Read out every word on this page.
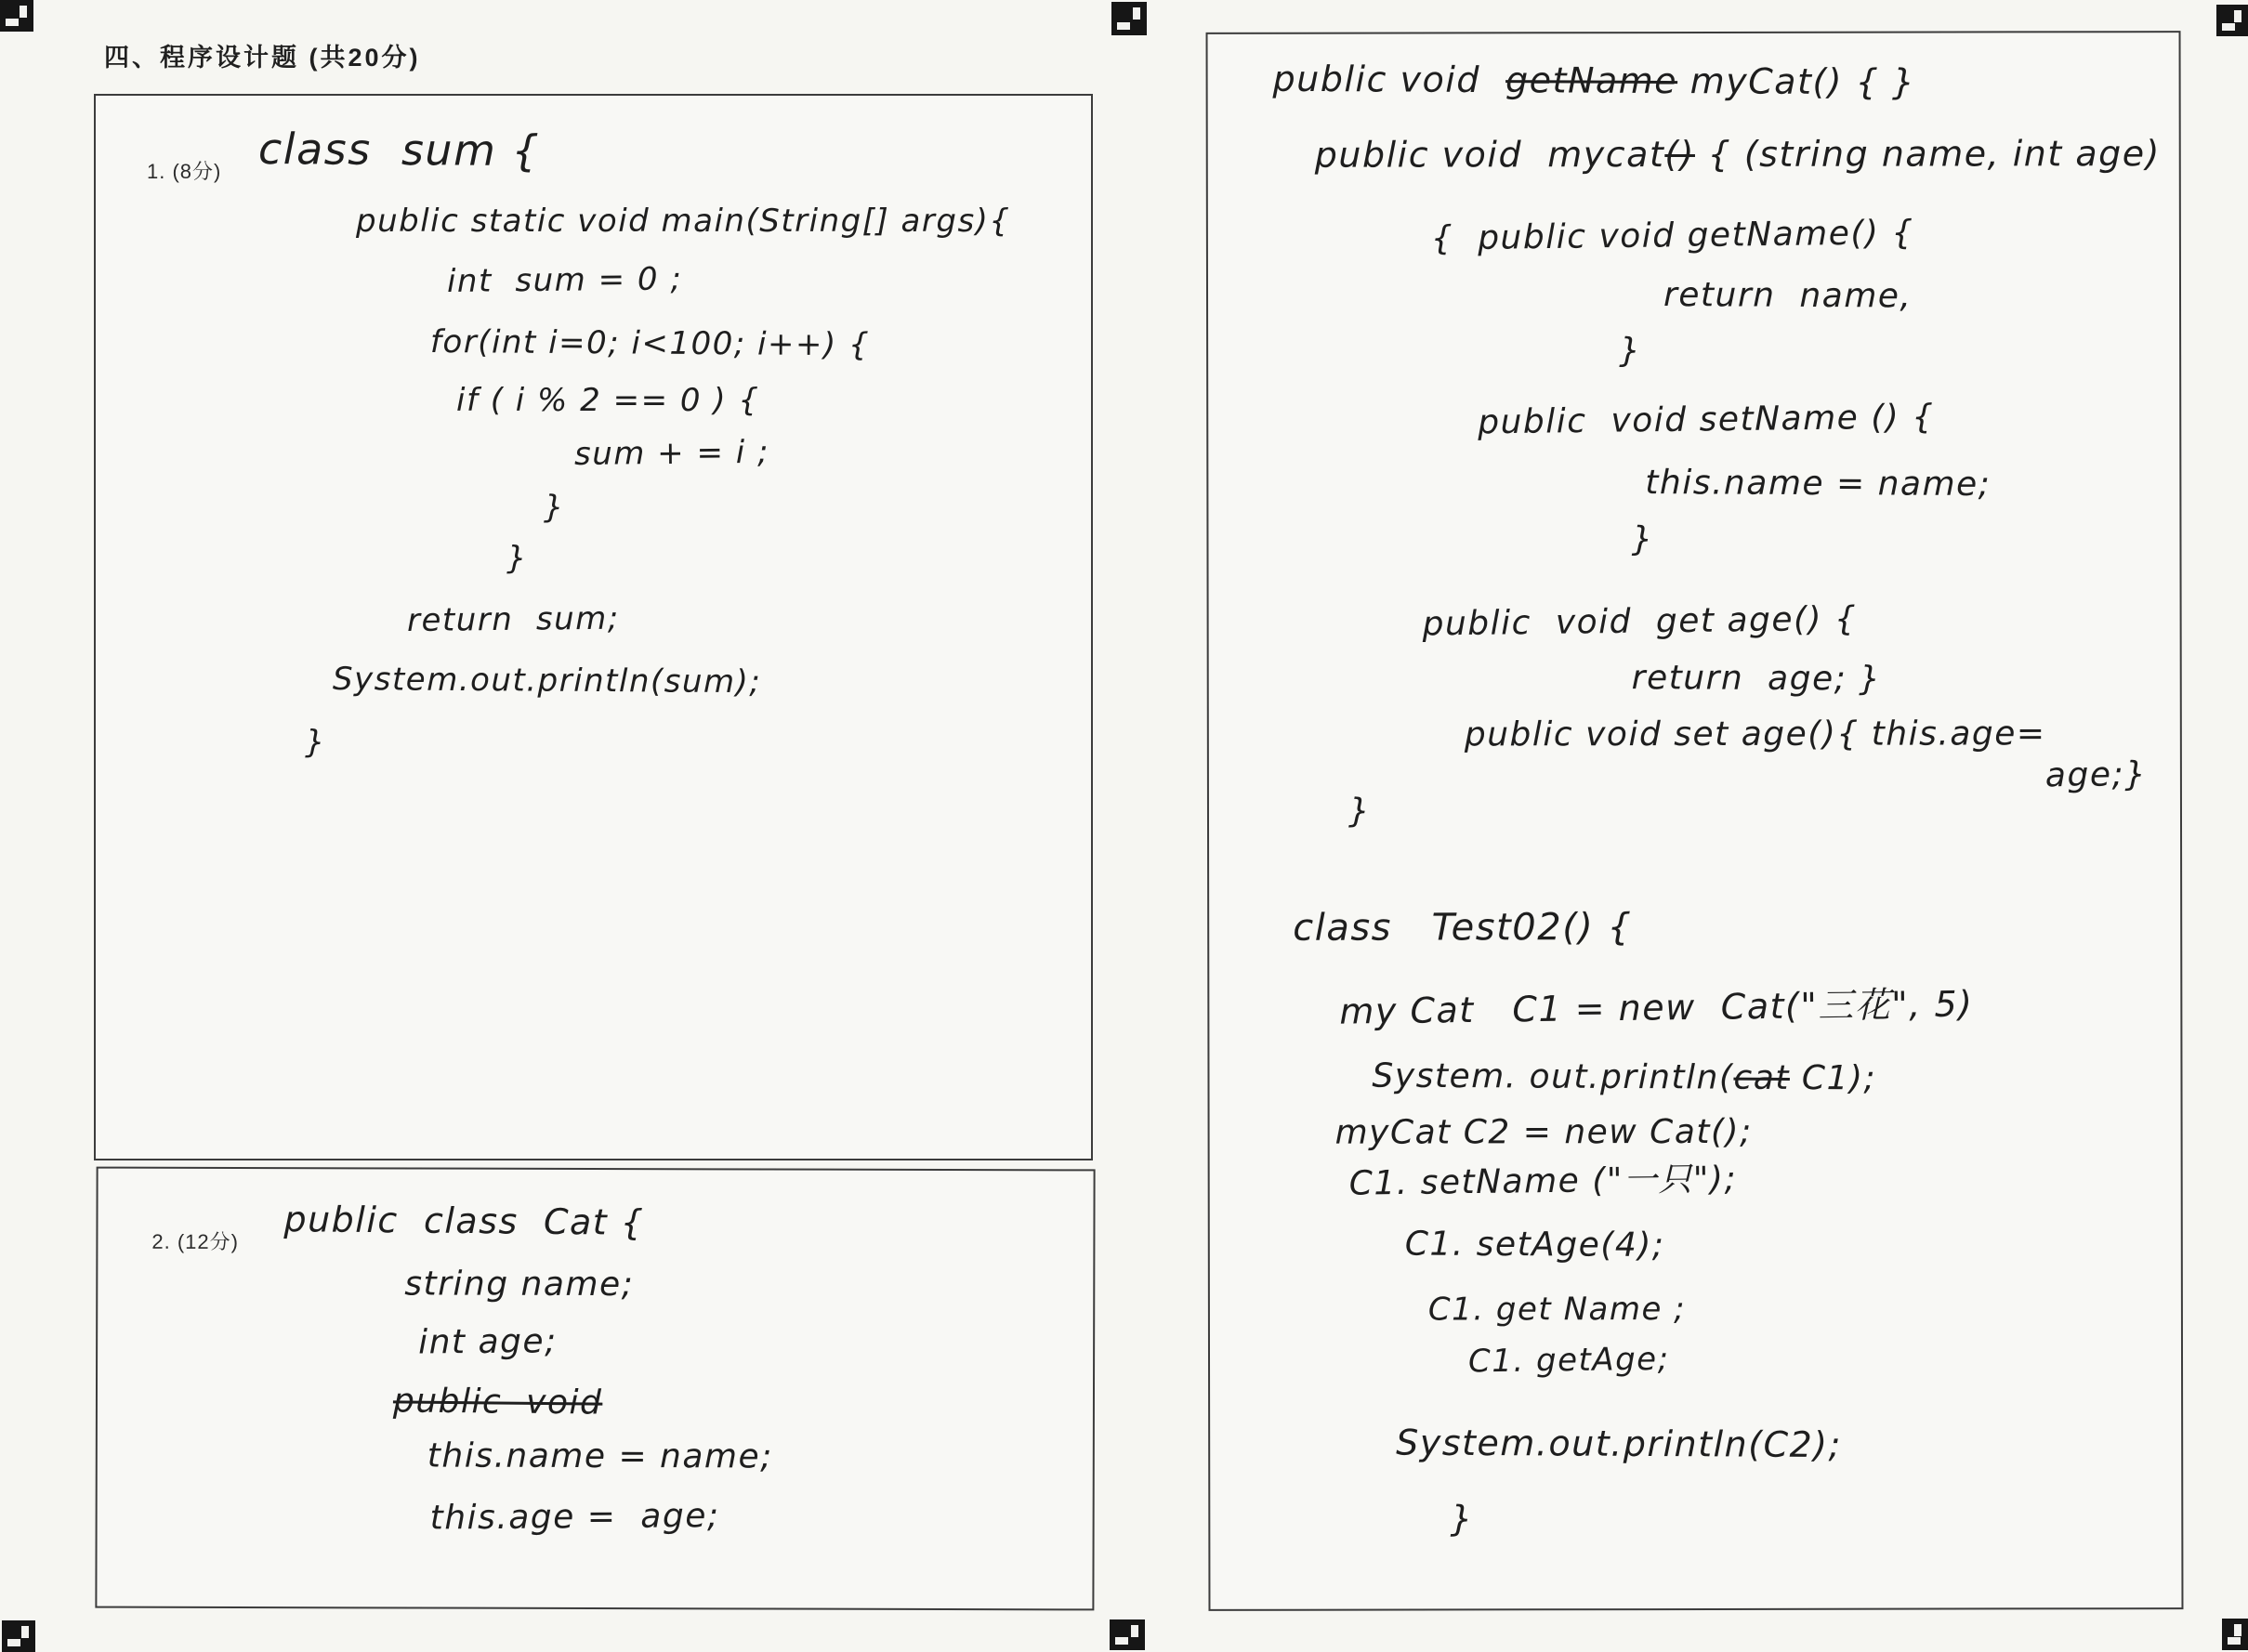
四、程序设计题 (共20分)
1. (8分) class  sum {
public static void main(String[] args){
int  sum = 0 ;
for(int i=0; i<100; i++) {
if ( i % 2 == 0 ) {
sum + = i ;
}
}
return  sum;
System.out.println(sum);
}
2. (12分) public  class  Cat {
string name;
int age;
public  void
this.name = name;
this.age =  age;
public void  getName myCat() { }
public void  mycat() { (string name, int age)
{  public void getName() {
return  name,
}
public  void setName () {
this.name = name;
}
public  void  get age() {
return  age; }
public void set age(){ this.age=
age;}
}
class   Test02() {
my Cat   C1 = new  Cat("三花", 5)
System. out.println(cat C1);
myCat C2 = new Cat();
C1. setName ("一只");
C1. setAge(4);
C1. get Name ;
C1. getAge;
System.out.println(C2);
}
